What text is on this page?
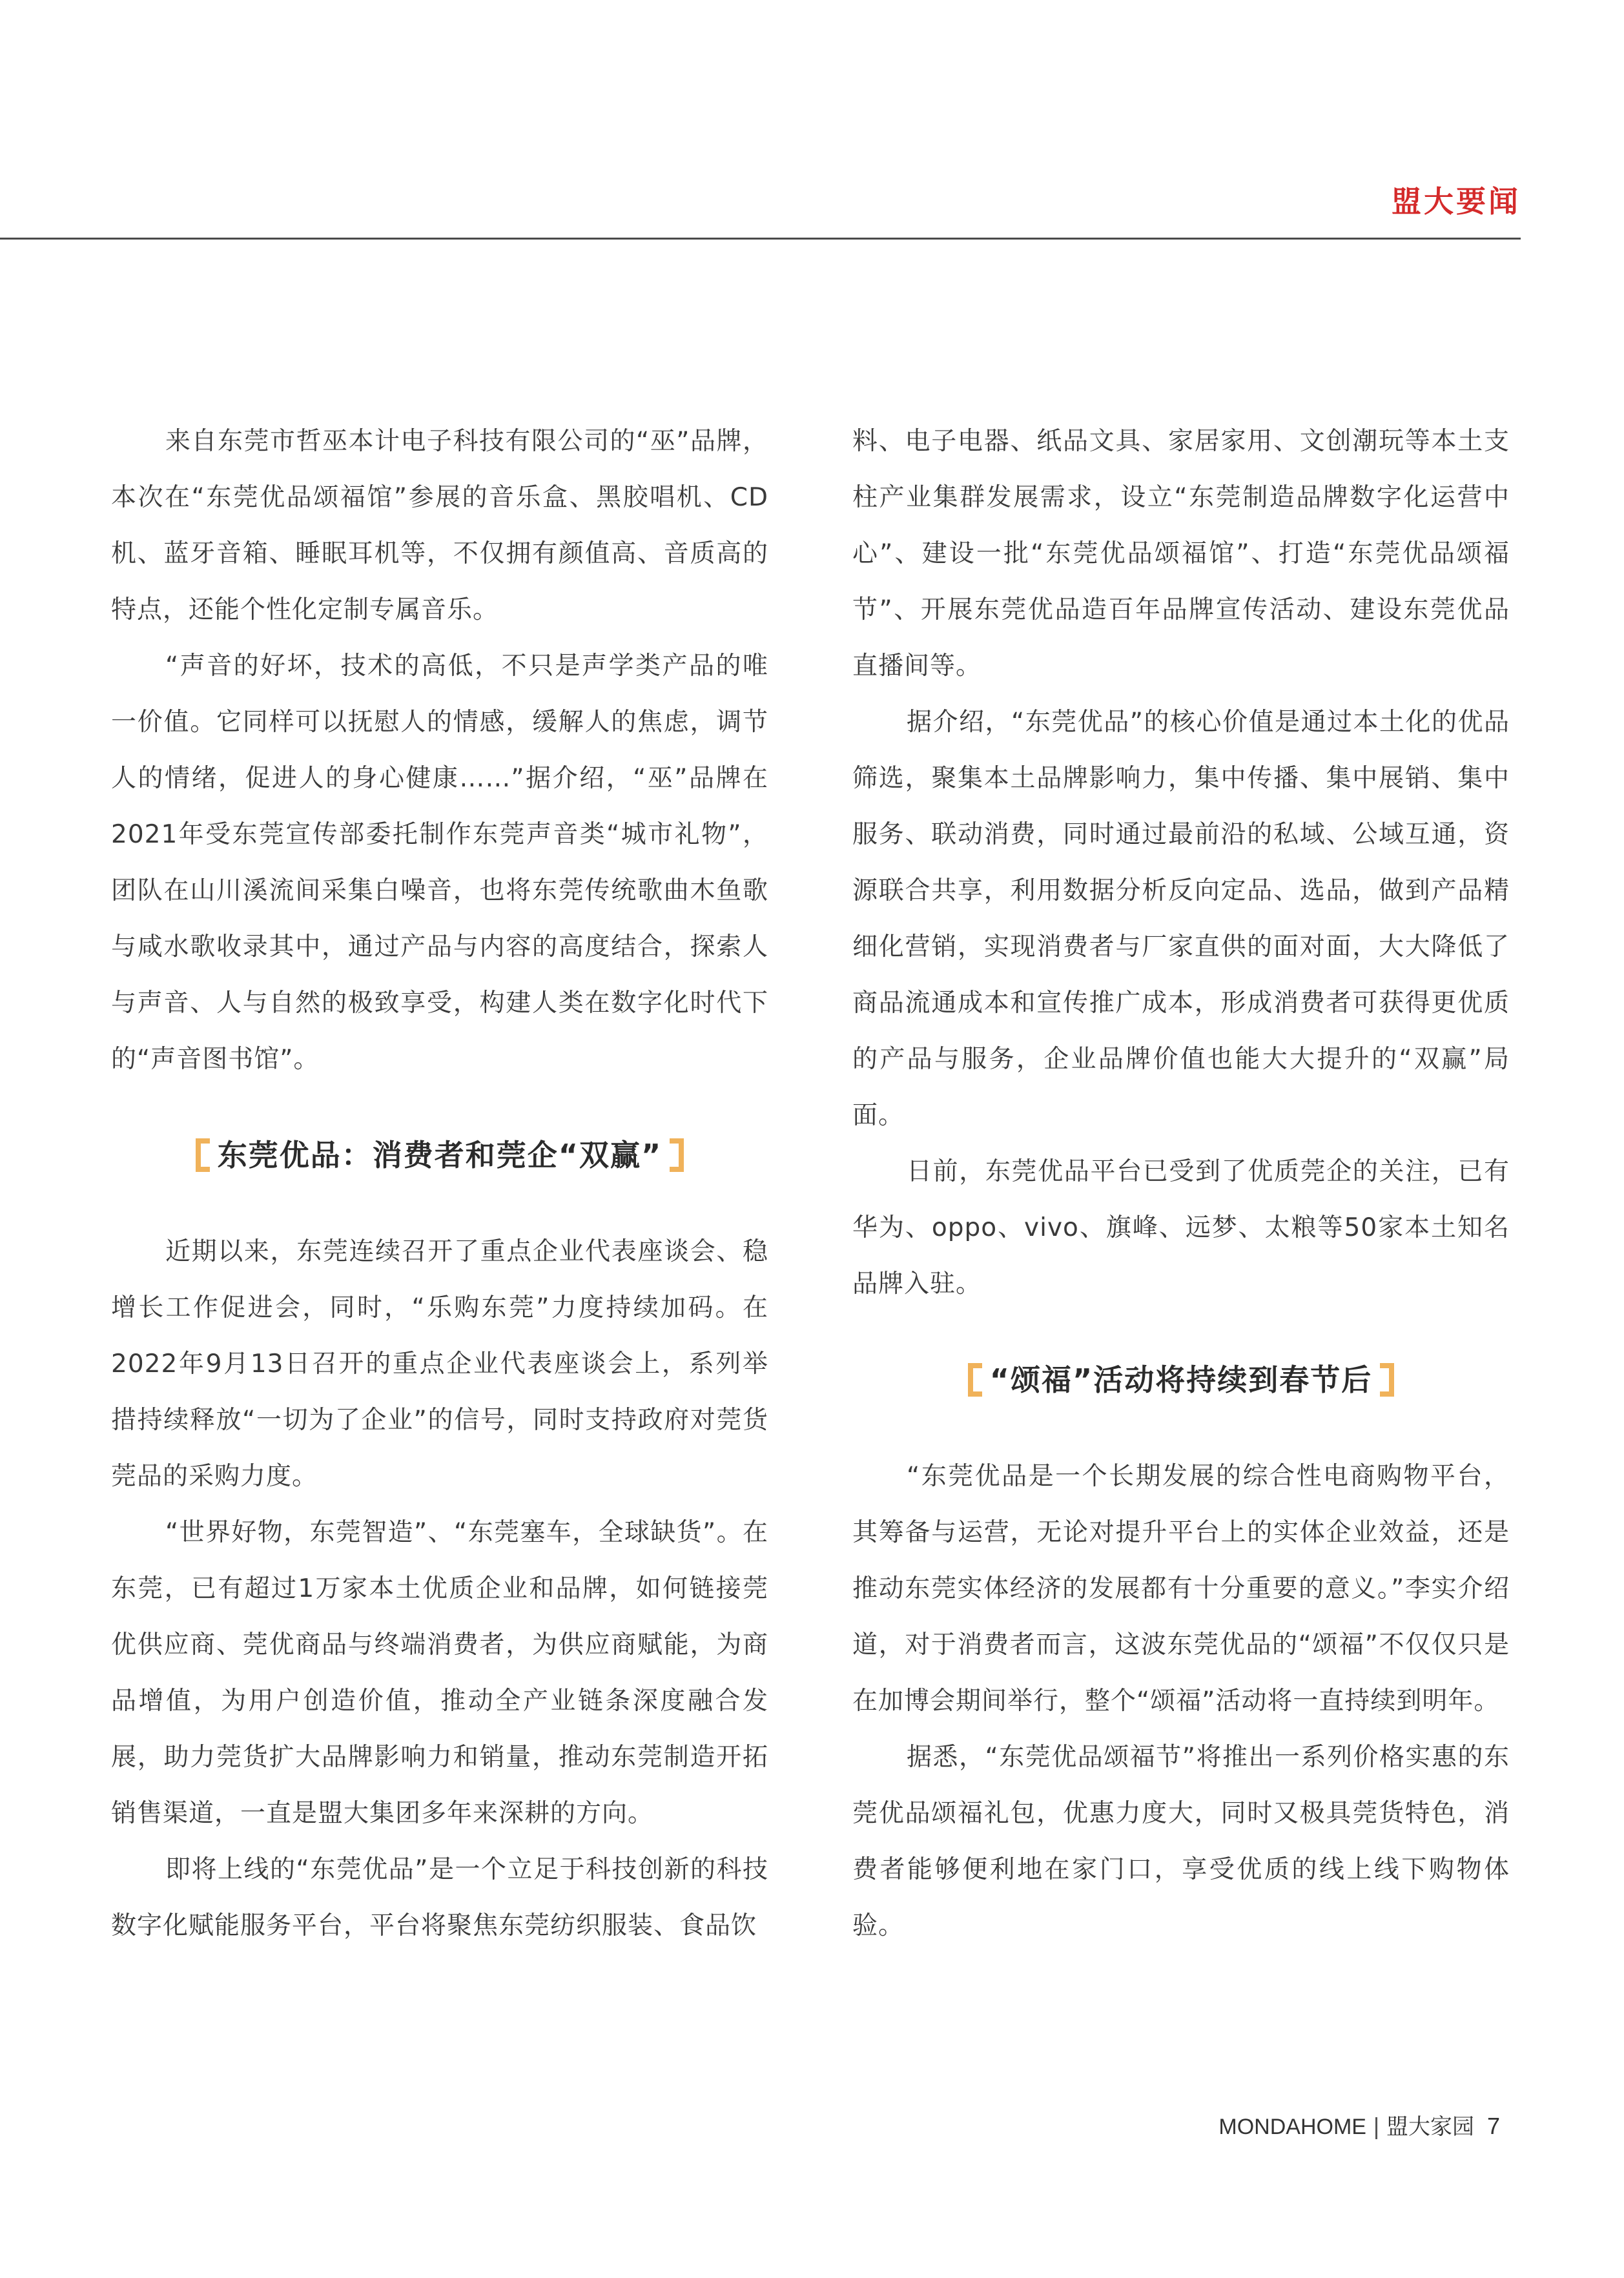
盟大要闻

来自东莞市哲巫本计电子科技有限公司的“巫”品牌，本次在“东莞优品颂福馆”参展的音乐盒、黑胶唱机、CD机、蓝牙音箱、睡眠耳机等，不仅拥有颜值高、音质高的特点，还能个性化定制专属音乐。

“声音的好坏，技术的高低，不只是声学类产品的唯一价值。它同样可以抚慰人的情感，缓解人的焦虑，调节人的情绪，促进人的身心健康……”据介绍，“巫”品牌在2021年受东莞宣传部委托制作东莞声音类“城市礼物”，团队在山川溪流间采集白噪音，也将东莞传统歌曲木鱼歌与咸水歌收录其中，通过产品与内容的高度结合，探索人与声音、人与自然的极致享受，构建人类在数字化时代下的“声音图书馆”。

东莞优品：消费者和莞企“双赢”

近期以来，东莞连续召开了重点企业代表座谈会、稳增长工作促进会，同时，“乐购东莞”力度持续加码。在2022年9月13日召开的重点企业代表座谈会上，系列举措持续释放“一切为了企业”的信号，同时支持政府对莞货莞品的采购力度。

“世界好物，东莞智造”、“东莞塞车，全球缺货”。在东莞，已有超过1万家本土优质企业和品牌，如何链接莞优供应商、莞优商品与终端消费者，为供应商赋能，为商品增值，为用户创造价值，推动全产业链条深度融合发展，助力莞货扩大品牌影响力和销量，推动东莞制造开拓销售渠道，一直是盟大集团多年来深耕的方向。

即将上线的“东莞优品”是一个立足于科技创新的科技数字化赋能服务平台，平台将聚焦东莞纺织服装、食品饮

料、电子电器、纸品文具、家居家用、文创潮玩等本土支柱产业集群发展需求，设立“东莞制造品牌数字化运营中心”、建设一批“东莞优品颂福馆”、打造“东莞优品颂福节”、开展东莞优品造百年品牌宣传活动、建设东莞优品直播间等。

据介绍，“东莞优品”的核心价值是通过本土化的优品筛选，聚集本土品牌影响力，集中传播、集中展销、集中服务、联动消费，同时通过最前沿的私域、公域互通，资源联合共享，利用数据分析反向定品、选品，做到产品精细化营销，实现消费者与厂家直供的面对面，大大降低了商品流通成本和宣传推广成本，形成消费者可获得更优质的产品与服务，企业品牌价值也能大大提升的“双赢”局面。

日前，东莞优品平台已受到了优质莞企的关注，已有华为、oppo、vivo、旗峰、远梦、太粮等50家本土知名品牌入驻。

“颂福”活动将持续到春节后

“东莞优品是一个长期发展的综合性电商购物平台，其筹备与运营，无论对提升平台上的实体企业效益，还是推动东莞实体经济的发展都有十分重要的意义。”李实介绍道，对于消费者而言，这波东莞优品的“颂福”不仅仅只是在加博会期间举行，整个“颂福”活动将一直持续到明年。

据悉，“东莞优品颂福节”将推出一系列价格实惠的东莞优品颂福礼包，优惠力度大，同时又极具莞货特色，消费者能够便利地在家门口，享受优质的线上线下购物体验。

MONDAHOME 盟大家园 7
